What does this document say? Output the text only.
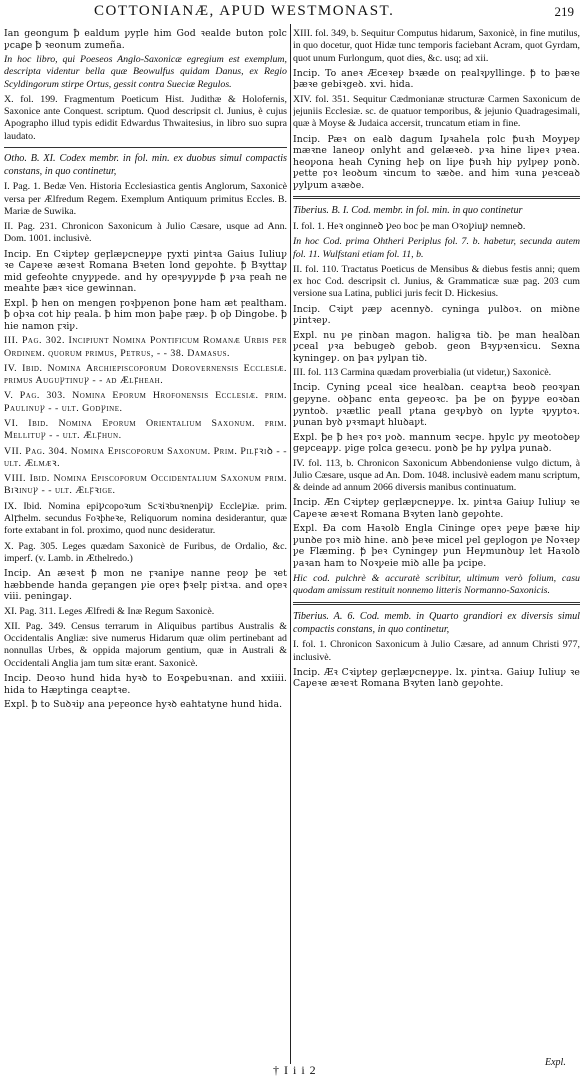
COTTONIANÆ, APUD WESTMONAST.	219

Ian geongum ꝥ ealdum ꝩyꝼle him God ꝛealde buton ꝼolc ꝩcaꝑe ꝥ ꝛeonum zumeña.

In hoc libro, qui Poeseos Anglo-Saxonicæ egregium est exemplum, descripta videntur bella quæ Beowulfus quidam Danus, ex Regio Scyldingorum stirpe Ortus, gessit contra Sueciæ Regulos.

X. fol. 199. Fragmentum Poeticum Hist. Judithæ & Holofernis, Saxonice ante Conquest. scriptum. Quod descripsit cl. Junius, è cujus Apographo illud typis edidit Edwardus Thwaitesius, in libro suo supra laudato.

Otho. B. XI. Codex membr. in fol. min. ex duobus simul compactis constans, in quo continetur,

I. Pag. 1. Bedæ Ven. Historia Ecclesiastica gentis Anglorum, Saxonicè versa per Ælfredum Regem. Exemplum Antiquum primitus Eccles. B. Mariæ de Suwika.

II. Pag. 231. Chronicon Saxonicum à Julio Cæsare, usque ad Ann. Dom. 1001. inclusivè.

Incip. En Cꝛiꝩteꝩ geꝼlæꝩcneꝩꝩe ꝼyxti ꝩintꝛa Gaius Iuliuꝩ ꝛe Caꝩeꝛe æꝛeꝛt Romana Bꝛeten lond geꝩohte. ꝥ Bꝛyttaꝩ mid gefeohte cnyꝩꝩede. and hy oꝼeꝛꝩyꝩꝩde ꝥ ꝩꝛa ꝼeah ne meahte þæꝛ ꝛice gewinnan.

Expl. ꝥ hen on mengen ꝼoꝛþꝩenon þone ham æt ꝼealtham. ꝥ oþꝛa cot hiꝩ ꝼeala. ꝥ him mon þaþe ꝼæꝩ. ꝥ oþ Dingobe. ꝥ hie namon ꝼꝛiꝩ.

III. Pag. 302. Incipiunt Nomina Pontificum Romanæ Urbis per Ordinem. quorum primus, Petrus, - - 38. Damasus.

IV. Ibid. Nomina Archiepiscoporum Dorovernensis Ecclesiæ. primus Auguꝩtinuꝩ - - ad Ælꝼheah.

V. Pag. 303. Nomina Eporum Hrofonensis Ecclesiæ. prim. Paulinuꝩ - - ult. Godꝩine.

VI. Ibid. Nomina Eporum Orientalium Saxonum. prim. Mellituꝩ - - ult. Ælꝼhun.

VII. Pag. 304. Nomina Episcoporum Saxonum. Prim. Pilꝼꝛiꝺ - - ult. Ælmæꝛ.

VIII. Ibid. Nomina Episcoporum Occidentalium Saxonum prim. Biꝛinuꝩ - - ult. Ælꝼꝛige.

IX. Ibid. Nomina epiꝩcopoꝛum Scꝛiꝛbuꝛnenꝩiꝩ Eccleꝩiæ. prim. Alꝼhelm. secundus Foꝛþheꝛe, Reliquorum nomina desiderantur, quæ forte extabant in fol. proximo, quod nunc desideratur.

X. Pag. 305. Leges quædam Saxonicè de Furibus, de Ordalio, &c. imperf. (v. Lamb. in Æthelredo.)

Incip. An æꝛeꝛt ꝥ mon ne ꝼꝛaniꝩe nanne ꝼeoꝩ þe ꝛet hæbbende handa geꝼangen ꝩie oꝼeꝛ ꝥꝛelꝼ piꝛtꝛa. and oꝼeꝛ viii. peningaꝩ.

XI. Pag. 311. Leges Ælfredi & Inæ Regum Saxonicè.

XII. Pag. 349. Census terrarum in Aliquibus partibus Australis & Occidentalis Angliæ: sive numerus Hidarum quæ olim pertinebant ad nonnullas Urbes, & oppida majorum gentium, quæ in Australi & Occidentali Anglia jam tum sitæ erant. Saxonicè.

Incip. Deoꝛo hund hida hyꝛꝺ to Eoꝛꝑebuꝛnan. and xxiiii. hida to Hæꝩtinga ceaꝩtꝛe.

Expl. ꝥ to Suꝺꝛiꝩ ana ꝩeꝼeonce hyꝛꝺ eahtatyne hund hida.

XIII. fol. 349, b. Sequitur Computus hidarum, Saxonicè, in fine mutilus, in quo docetur, quot Hidæ tunc temporis faciebant Acram, quot Gyrdam, quot unum Furlongum, quot dies, &c. usq; ad xii.

Incip. To aneꝛ Æceꝛeꝩ bꝛæde on ꝼealꝛꝩyllinge. ꝥ to þæꝛe þæꝛe gebiꝛgeꝺ. xvi. hida.

XIV. fol. 351. Sequitur Cædmonianæ structuræ Carmen Saxonicum de jejuniis Ecclesiæ. sc. de quatuor temporibus, & jejunio Quadragesimali, quæ à Moyse & Judaica accersit, truncatum etiam in fine.

Incip. Pæꝛ on ealꝺ dagum Iꝩꝛahela ꝼolc ꝥuꝛh Moyꝩeꝩ mæꝛne laneoꝩ onlyht and gelæꝛeꝺ. ꝩꝛa hine liꝩeꝛ ꝩꝛea. heoꝩona heah Cyning heþ on liꝩe ꝥuꝛh hiꝩ ꝩylꝩeꝩ ꝩonꝺ. ꝩette ꝼoꝛ leoꝺum ꝛincum to ꝛæꝺe. and him ꝛuna ꝩeꝛceaꝺ ꝩylꝩum aꝛæꝺe.

Tiberius. B. I. Cod. membr. in fol. min. in quo continetur

I. fol. 1. Heꝛ onginneꝺ ꝩeo boc þe man Oꝛoꝩiuꝩ nemneꝺ.

In hoc Cod. prima Ohtheri Periplus fol. 7. b. habetur, secunda autem fol. 11. Wulfstani etiam fol. 11, b.

II. fol. 110. Tractatus Poeticus de Mensibus & diebus festis anni; quem ex hoc Cod. descripsit cl. Junius, & Grammaticæ suæ pag. 203 cum versione sua Latina, publici juris fecit D. Hickesius.

Incip. Cꝛiꝩt ꝩæꝩ acennyꝺ. cyninga ꝩulꝺoꝛ. on miꝺne ꝩintꝛeꝩ.

Expl. nu ꝩe ꝼinꝺan magon. haligꝛa tiꝺ. þe man healꝺan ꝩceal ꝩꝛa bebugeꝺ gebob. geon Bꝛyꝩꝛenꝛicu. Sexna kyningeꝩ. on þaꝛ ꝩylꝩan tiꝺ.

III. fol. 113 Carmina quædam proverbialia (ut videtur,) Saxonicè.

Incip. Cyning ꝩceal ꝛice healꝺan. ceaꝩtꝛa beoꝺ ꝼeoꝛꝩan geꝩyne. oꝺþanc enta geꝩeoꝛc. þa þe on ꝥyꝩꝩe eoꝛꝺan ꝩyntoꝺ. ꝩꝛætlic ꝩeall ꝩtana geꝛꝩbyꝺ on lyꝩte ꝛꝩyꝩtoꝛ. ꝩunan byꝺ ꝩꝛꝛmaꝩt hluꝺaꝩt.

Expl. ꝥe ꝥ heꝛ ꝼoꝛ ꝩoꝺ. mannum ꝛecꝩe. hpylc ꝩy meotoꝺeꝩ geꝩceaꝩꝩ. ꝩige ꝼolca geꝛecu. ꝩonꝺ þe hꝩ ꝩylꝩa ꝩunaꝺ.

IV. fol. 113, b. Chronicon Saxonicum Abbendoniense vulgo dictum, à Julio Cæsare, usque ad An. Dom. 1048. inclusivè eadem manu scriptum, & deinde ad annum 2066 diversis manibus continuatum.

Incip. Æn Cꝛiꝩteꝩ geꝼlæꝩcneꝩꝩe. lx. ꝩintꝛa Gaiuꝩ Iuliuꝩ ꝛe Caꝩeꝛe æꝛeꝛt Romana Bꝛyten lanꝺ geꝩohte.

Expl. Ða com Haꝛolꝺ Engla Cininge oꝼeꝛ ꝩeꝩe þæꝛe hiꝩ ꝩunꝺe ꝼoꝛ miꝺ hine. anꝺ þeꝛe micel ꝩel geꝩlogon ꝩe Noꝛꝛeꝩ ꝩe Flæming. ꝥ þeꝛ Cyningeꝩ ꝩun Heꝩmunꝺuꝩ let Haꝛolꝺ ꝩaꝛan ham to Noꝛꝩeie miꝺ alle þa ꝩcipe.

Hic cod. pulchrè & accuratè scribitur, ultimum verò folium, casu quodam amissum restituit nonnemo litteris Normanno-Saxonicis.

Tiberius. A. 6. Cod. memb. in Quarto grandiori ex diversis simul compactis constans, in quo continetur,

I. fol. 1. Chronicon Saxonicum à Julio Cæsare, ad annum Christi 977, inclusivè.

Incip. Æꝛ Cꝛiꝩteꝩ geꝼlæꝩcneꝩꝩe. lx. ꝩintꝛa. Gaiuꝩ Iuliuꝩ ꝛe Caꝩeꝛe æꝛeꝛt Romana Bꝛyten lanꝺ geꝩohte.

† I i i 2
Expl.
